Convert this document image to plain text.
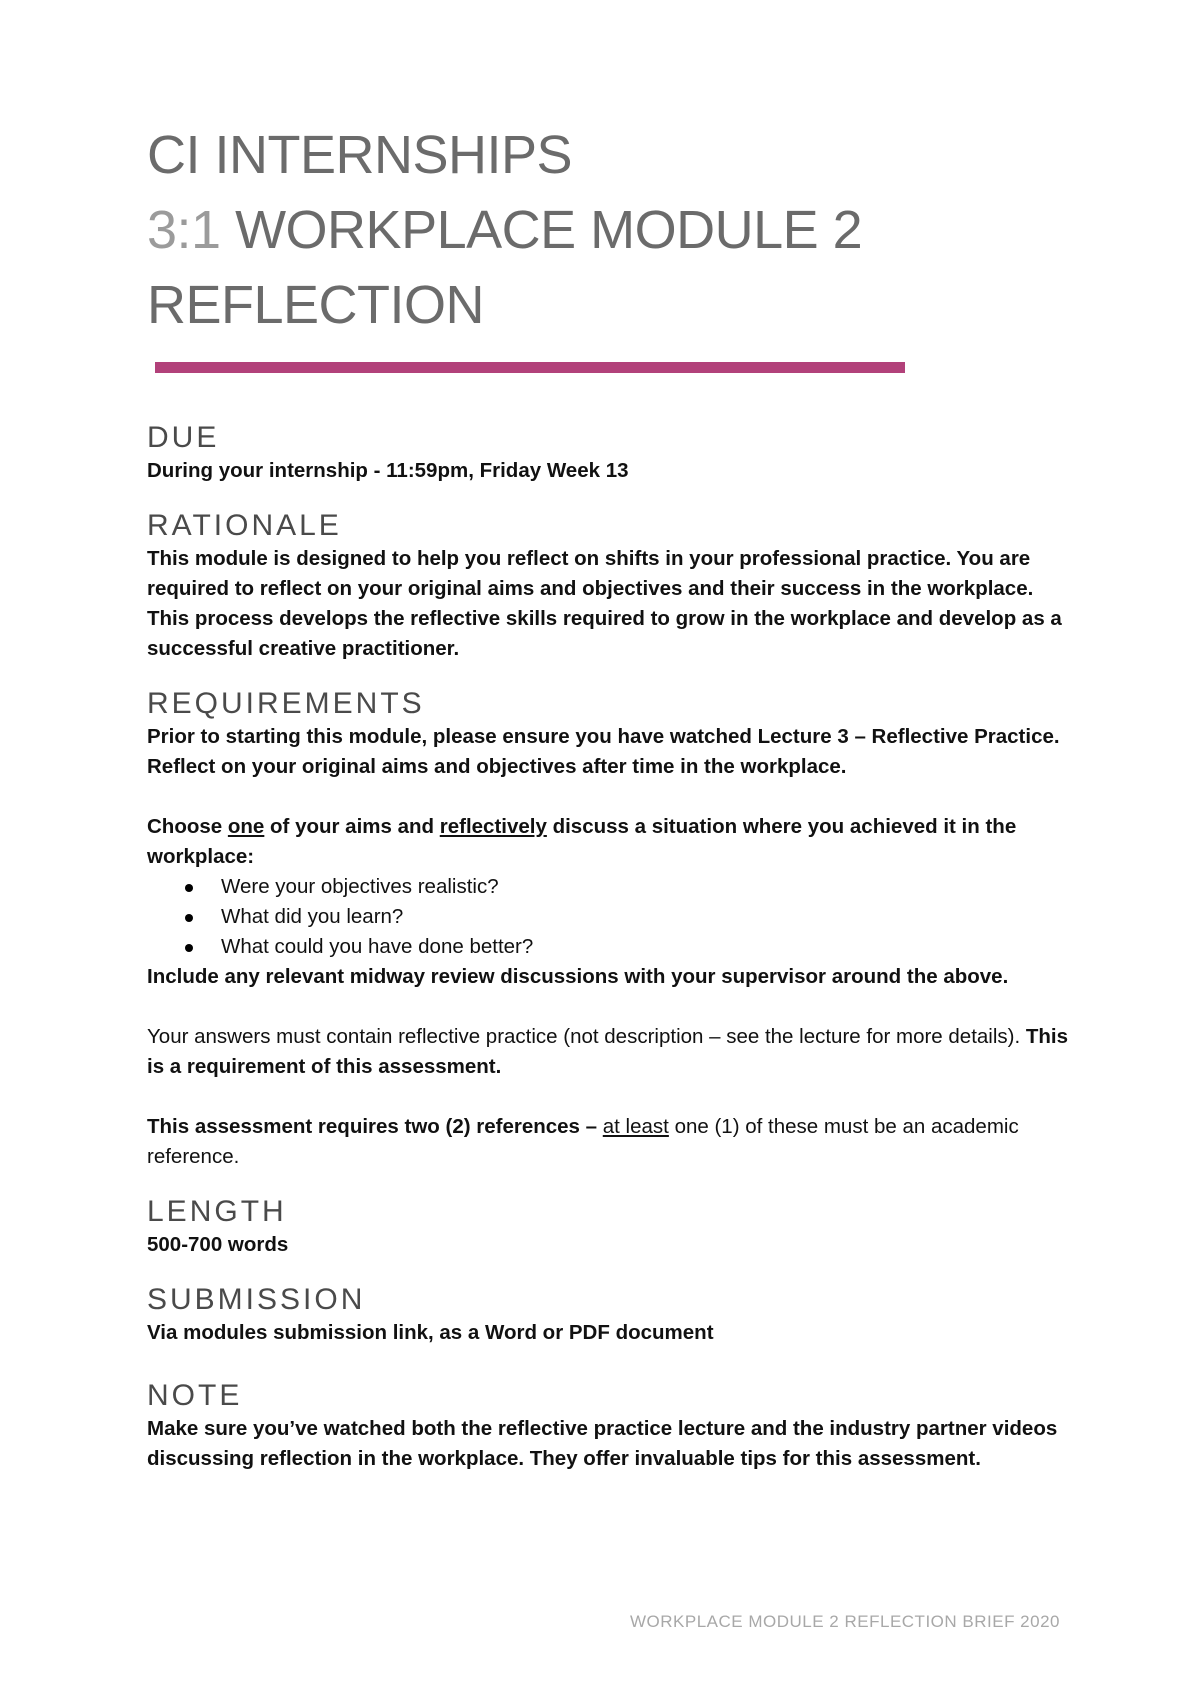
CI INTERNSHIPS
3:1 WORKPLACE MODULE 2
REFLECTION
DUE

During your internship - 11:59pm, Friday Week 13

RATIONALE

This module is designed to help you reflect on shifts in your professional practice. You are required to reflect on your original aims and objectives and their success in the workplace. This process develops the reflective skills required to grow in the workplace and develop as a successful creative practitioner.

REQUIREMENTS

Prior to starting this module, please ensure you have watched Lecture 3 – Reflective Practice. Reflect on your original aims and objectives after time in the workplace.

Choose one of your aims and reflectively discuss a situation where you achieved it in the workplace:

Were your objectives realistic?
What did you learn?
What could you have done better?

Include any relevant midway review discussions with your supervisor around the above.

Your answers must contain reflective practice (not description – see the lecture for more details). This is a requirement of this assessment.

This assessment requires two (2) references – at least one (1) of these must be an academic reference.

LENGTH

500-700 words

SUBMISSION

Via modules submission link, as a Word or PDF document

NOTE

Make sure you’ve watched both the reflective practice lecture and the industry partner videos discussing reflection in the workplace. They offer invaluable tips for this assessment.

WORKPLACE MODULE 2 REFLECTION BRIEF 2020
